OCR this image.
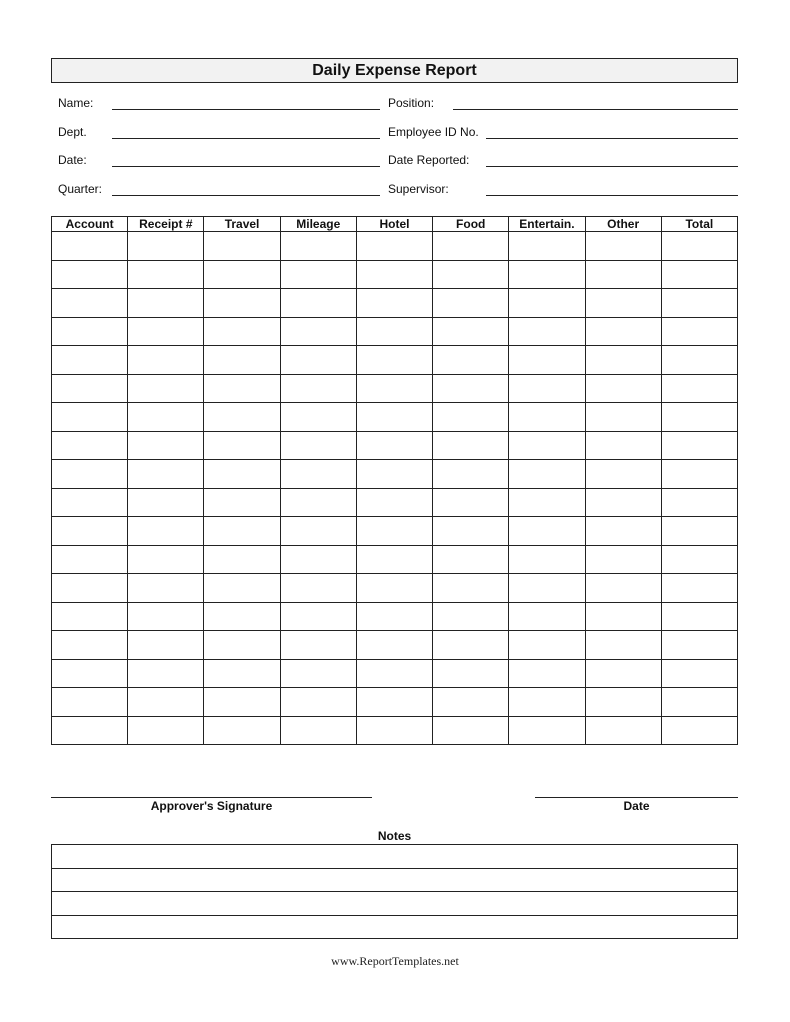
Daily Expense Report
Name:	Position:
Dept.	Employee ID No.
Date:	Date Reported:
Quarter:	Supervisor:
Account	Receipt #	Travel	Mileage	Hotel	Food	Entertain.	Other	Total

Approver's Signature	Date
Notes

www.ReportTemplates.net
